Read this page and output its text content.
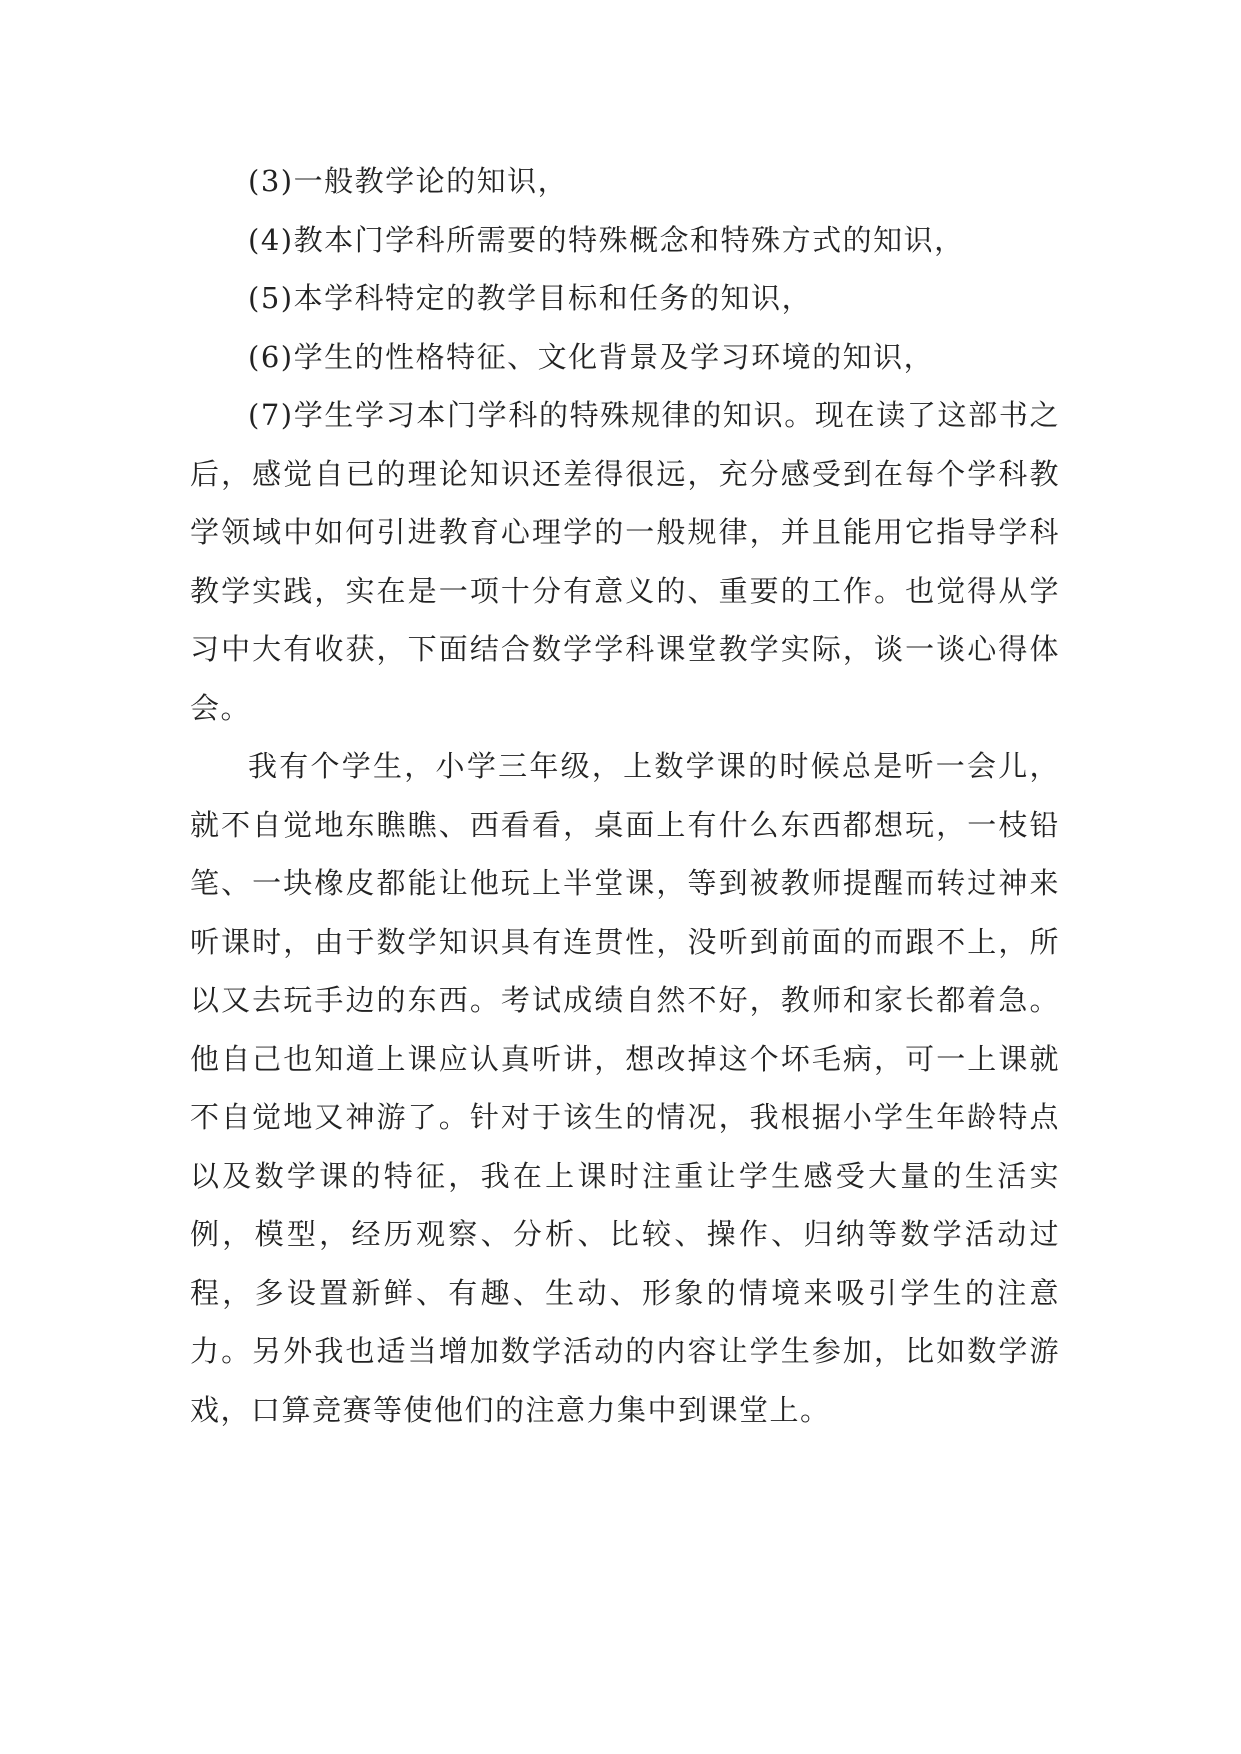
(3)一般教学论的知识，

(4)教本门学科所需要的特殊概念和特殊方式的知识，

(5)本学科特定的教学目标和任务的知识，

(6)学生的性格特征、文化背景及学习环境的知识，

(7)学生学习本门学科的特殊规律的知识。现在读了这部书之后，感觉自已的理论知识还差得很远，充分感受到在每个学科教学领域中如何引进教育心理学的一般规律，并且能用它指导学科教学实践，实在是一项十分有意义的、重要的工作。也觉得从学习中大有收获，下面结合数学学科课堂教学实际，谈一谈心得体会。

我有个学生，小学三年级，上数学课的时候总是听一会儿，就不自觉地东瞧瞧、西看看，桌面上有什么东西都想玩，一枝铅笔、一块橡皮都能让他玩上半堂课，等到被教师提醒而转过神来听课时，由于数学知识具有连贯性，没听到前面的而跟不上，所以又去玩手边的东西。考试成绩自然不好，教师和家长都着急。他自己也知道上课应认真听讲，想改掉这个坏毛病，可一上课就不自觉地又神游了。针对于该生的情况，我根据小学生年龄特点以及数学课的特征，我在上课时注重让学生感受大量的生活实例，模型，经历观察、分析、比较、操作、归纳等数学活动过程，多设置新鲜、有趣、生动、形象的情境来吸引学生的注意力。另外我也适当增加数学活动的内容让学生参加，比如数学游戏，口算竞赛等使他们的注意力集中到课堂上。
